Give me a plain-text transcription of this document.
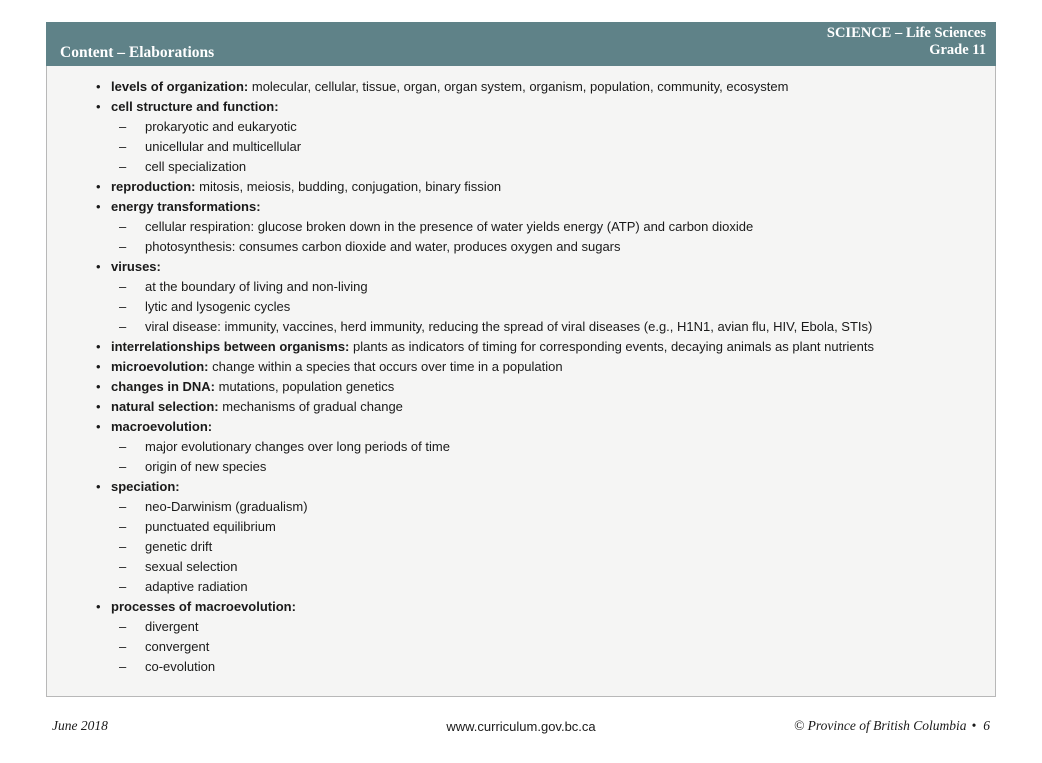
Content – Elaborations
SCIENCE – Life Sciences
Grade 11
• levels of organization: molecular, cellular, tissue, organ, organ system, organism, population, community, ecosystem
• cell structure and function:
– prokaryotic and eukaryotic
– unicellular and multicellular
– cell specialization
• reproduction: mitosis, meiosis, budding, conjugation, binary fission
• energy transformations:
– cellular respiration: glucose broken down in the presence of water yields energy (ATP) and carbon dioxide
– photosynthesis: consumes carbon dioxide and water, produces oxygen and sugars
• viruses:
– at the boundary of living and non-living
– lytic and lysogenic cycles
– viral disease: immunity, vaccines, herd immunity, reducing the spread of viral diseases (e.g., H1N1, avian flu, HIV, Ebola, STIs)
• interrelationships between organisms: plants as indicators of timing for corresponding events, decaying animals as plant nutrients
• microevolution: change within a species that occurs over time in a population
• changes in DNA: mutations, population genetics
• natural selection: mechanisms of gradual change
• macroevolution:
– major evolutionary changes over long periods of time
– origin of new species
• speciation:
– neo-Darwinism (gradualism)
– punctuated equilibrium
– genetic drift
– sexual selection
– adaptive radiation
• processes of macroevolution:
– divergent
– convergent
– co-evolution
June 2018	www.curriculum.gov.bc.ca	© Province of British Columbia • 6
